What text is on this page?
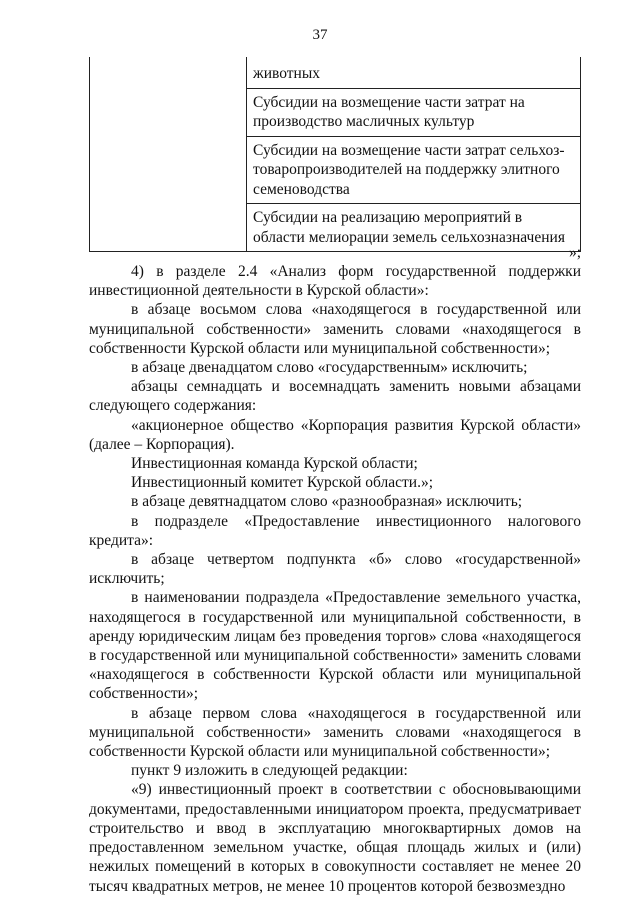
37
	животных
Субсидии на возмещение части затрат на производство масличных культур
Субсидии на возмещение части затрат сельхоз-товаропроизводителей на поддержку элитного семеноводства
Субсидии на реализацию мероприятий в области мелиорации земель сельхозназначения
»;

4) в разделе 2.4 «Анализ форм государственной поддержки инвестиционной деятельности в Курской области»:

в абзаце восьмом слова «находящегося в государственной или муниципальной собственности» заменить словами «находящегося в собственности Курской области или муниципальной собственности»;

в абзаце двенадцатом слово «государственным» исключить;

абзацы семнадцать и восемнадцать заменить новыми абзацами следующего содержания:

«акционерное общество «Корпорация развития Курской области» (далее – Корпорация).

Инвестиционная команда Курской области;

Инвестиционный комитет Курской области.»;

в абзаце девятнадцатом слово «разнообразная» исключить;

в подразделе «Предоставление инвестиционного налогового кредита»:

в абзаце четвертом подпункта «б» слово «государственной» исключить;

в наименовании подраздела «Предоставление земельного участка, находящегося в государственной или муниципальной собственности, в аренду юридическим лицам без проведения торгов» слова «находящегося в государственной или муниципальной собственности» заменить словами «находящегося в собственности Курской области или муниципальной собственности»;

в абзаце первом слова «находящегося в государственной или муниципальной собственности» заменить словами «находящегося в собственности Курской области или муниципальной собственности»;

пункт 9 изложить в следующей редакции:

«9) инвестиционный проект в соответствии с обосновывающими документами, предоставленными инициатором проекта, предусматривает строительство и ввод в эксплуатацию многоквартирных домов на предоставленном земельном участке, общая площадь жилых и (или) нежилых помещений в которых в совокупности составляет не менее 20 тысяч квадратных метров, не менее 10 процентов которой безвозмездно
